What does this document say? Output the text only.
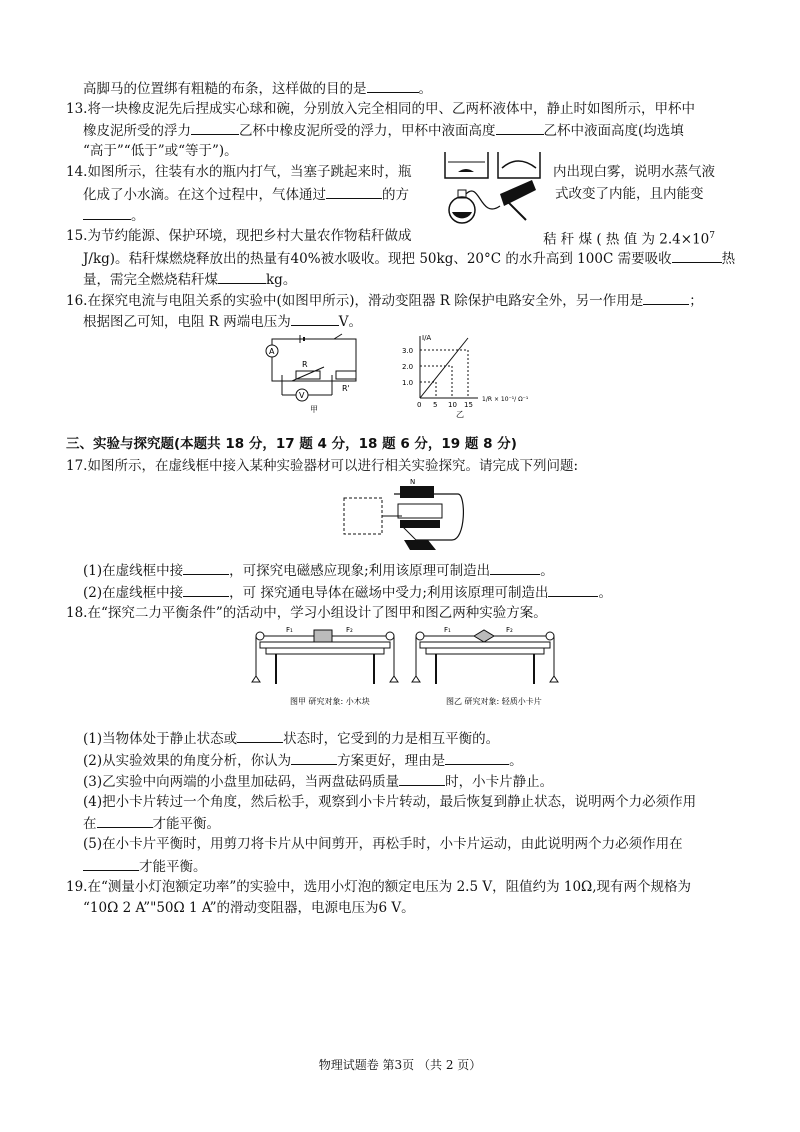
高脚马的位置绑有粗糙的布条，这样做的目的是	。
13.将一块橡皮泥先后捏成实心球和碗，分别放入完全相同的甲、乙两杯液体中，静止时如图所示，甲杯中
橡皮泥所受的浮力	乙杯中橡皮泥所受的浮力，甲杯中液面高度	乙杯中液面高度(均选填
“高于”“低于”或“等于”)。
14.如图所示，往装有水的瓶内打气，当塞子跳起来时，瓶	内出现白雾，说明水蒸气液
化成了小水滴。在这个过程中，气体通过	的方	式改变了内能，且内能变
。
15.为节约能源、保护环境，现把乡村大量农作物秸秆做成	秸 秆 煤 ( 热 值 为 $2.4\times 10^7$
J/kg)。秸秆煤燃烧释放出的热量有40%被水吸收。现把 50kg、20°C 的水升高到 100C 需要吸收	热
量，需完全燃烧秸秆煤	kg。
16.在探究电流与电阻关系的实验中(如图甲所示)，滑动变阻器 R 除保护电路安全外，另一作用是	；
根据图乙可知，电阻 R 两端电压为	V。
A
R
R'
V
甲
I/A
3.0
2.0
1.0
0 5 10 15
1/R × 10⁻¹/ Ω⁻¹
乙
三、实验与探究题(本题共 18 分，17 题 4 分，18 题 6 分，19 题 8 分)
17.如图所示，在虚线框中接入某种实验器材可以进行相关实验探究。请完成下列问题:
N
(1)在虚线框中接	，可探究电磁感应现象;利用该原理可制造出	。
(2)在虚线框中接	，可 探究通电导体在磁场中受力;利用该原理可制造出	。
18.在“探究二力平衡条件”的活动中，学习小组设计了图甲和图乙两种实验方案。
F₁	F₂	F₁	F₂
图甲 研究对象: 小木块	图乙 研究对象: 轻质小卡片
(1)当物体处于静止状态或	状态时，它受到的力是相互平衡的。
(2)从实验效果的角度分析，你认为	方案更好，理由是	。
(3)乙实验中向两端的小盘里加砝码，当两盘砝码质量	时，小卡片静止。
(4)把小卡片转过一个角度，然后松手，观察到小卡片转动，最后恢复到静止状态，说明两个力必须作用
在	才能平衡。
(5)在小卡片平衡时，用剪刀将卡片从中间剪开，再松手时，小卡片运动，由此说明两个力必须作用在
才能平衡。
19.在“测量小灯泡额定功率”的实验中，选用小灯泡的额定电压为 2.5 V，阻值约为 10Ω,现有两个规格为
“10Ω 2 A”"50Ω 1 A”的滑动变阻器，电源电压为6 V。
物理试题卷 第3页 （共 2 页）
